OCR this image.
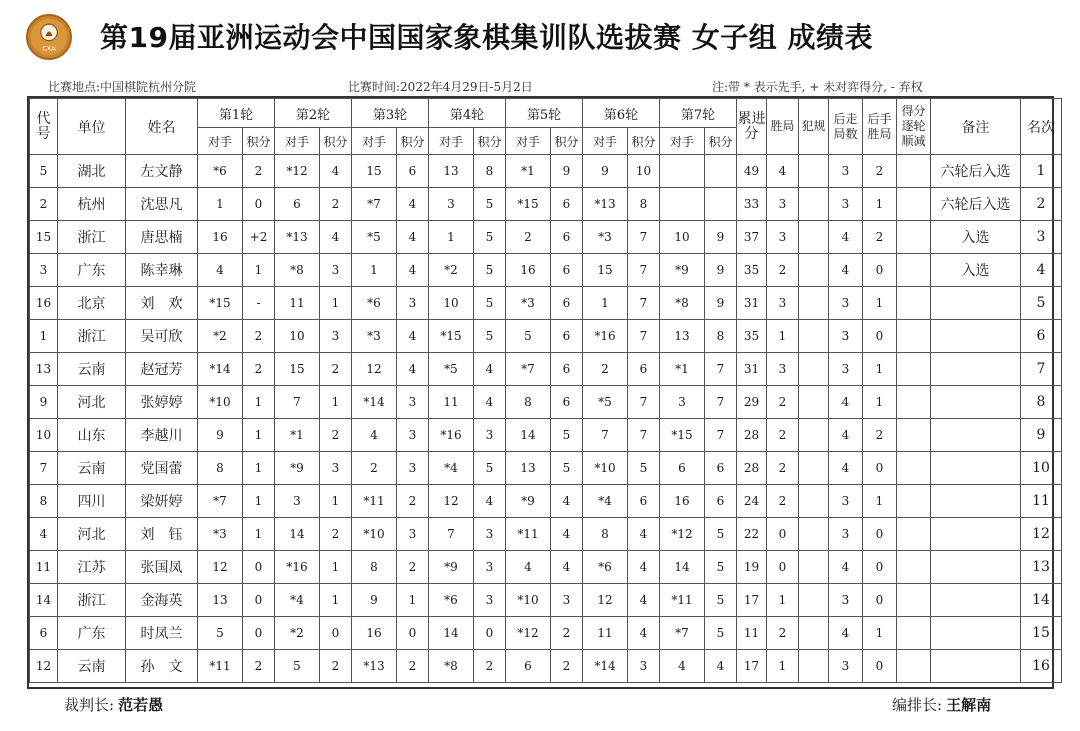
CXA 第19届亚洲运动会中国国家象棋集训队选拔赛 女子组 成绩表
比赛地点:中国棋院杭州分院	比赛时间:2022年4月29日-5月2日	注:带 * 表示先手, + 未对弈得分, - 弃权
代号	单位	姓名	第1轮		第2轮		第3轮		第4轮		第5轮		第6轮		第7轮		累进分	胜局	犯规	后走局数	后手胜局	得分逐轮顺减	备注	名次
			对手	积分	对手	积分	对手	积分	对手	积分	对手	积分	对手	积分	对手	积分								
5	湖北	左文静	*6	2	*12	4	15	6	13	8	*1	9	9	10			49	4		3	2		六轮后入选	1
2	杭州	沈思凡	1	0	6	2	*7	4	3	5	*15	6	*13	8			33	3		3	1		六轮后入选	2
15	浙江	唐思楠	16	+2	*13	4	*5	4	1	5	2	6	*3	7	10	9	37	3		4	2		入选	3
3	广东	陈幸琳	4	1	*8	3	1	4	*2	5	16	6	15	7	*9	9	35	2		4	0		入选	4
16	北京	刘　欢	*15	-	11	1	*6	3	10	5	*3	6	1	7	*8	9	31	3		3	1			5
1	浙江	吴可欣	*2	2	10	3	*3	4	*15	5	5	6	*16	7	13	8	35	1		3	0			6
13	云南	赵冠芳	*14	2	15	2	12	4	*5	4	*7	6	2	6	*1	7	31	3		3	1			7
9	河北	张婷婷	*10	1	7	1	*14	3	11	4	8	6	*5	7	3	7	29	2		4	1			8
10	山东	李越川	9	1	*1	2	4	3	*16	3	14	5	7	7	*15	7	28	2		4	2			9
7	云南	党国蕾	8	1	*9	3	2	3	*4	5	13	5	*10	5	6	6	28	2		4	0			10
8	四川	梁妍婷	*7	1	3	1	*11	2	12	4	*9	4	*4	6	16	6	24	2		3	1			11
4	河北	刘　钰	*3	1	14	2	*10	3	7	3	*11	4	8	4	*12	5	22	0		3	0			12
11	江苏	张国凤	12	0	*16	1	8	2	*9	3	4	4	*6	4	14	5	19	0		4	0			13
14	浙江	金海英	13	0	*4	1	9	1	*6	3	*10	3	12	4	*11	5	17	1		3	0			14
6	广东	时凤兰	5	0	*2	0	16	0	14	0	*12	2	11	4	*7	5	11	2		4	1			15
12	云南	孙　文	*11	2	5	2	*13	2	*8	2	6	2	*14	3	4	4	17	1		3	0			16
裁判长: 范若愚	编排长: 王解南
